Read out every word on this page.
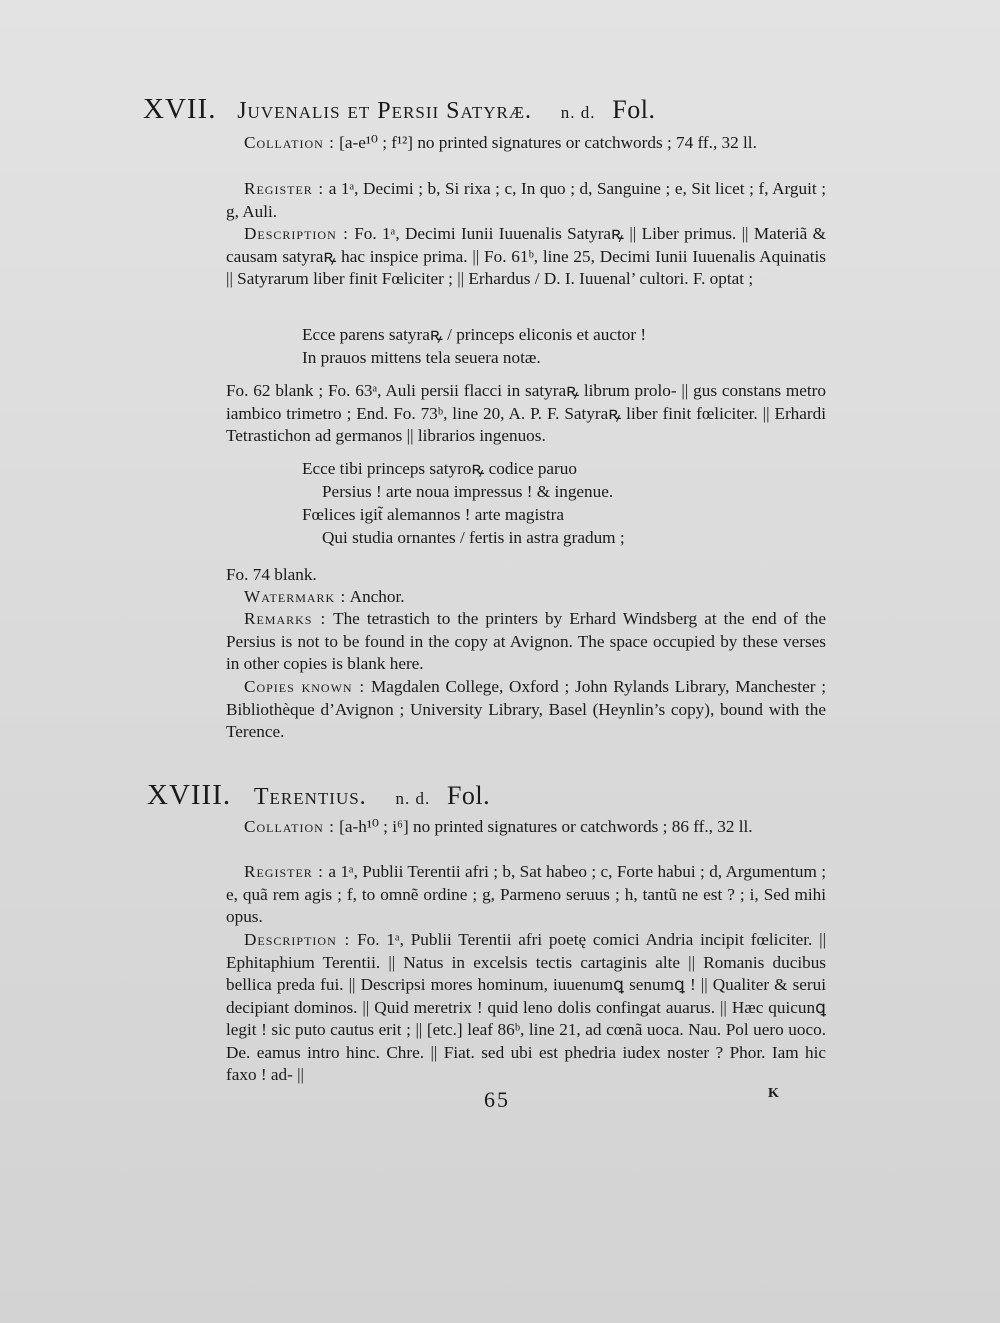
XVII. Juvenalis et Persii Satyræ. n. d. Fol.

Collation : [a-e¹⁰ ; f¹²] no printed signatures or catchwords ; 74 ff., 32 ll.

Register : a 1ᵃ, Decimi ; b, Si rixa ; c, In quo ; d, Sanguine ; e, Sit licet ; f, Arguit ; g, Auli.

Description : Fo. 1ᵃ, Decimi Iunii Iuuenalis Satyraꝶ || Liber primus. || Materiã & causam satyraꝶ hac inspice prima. || Fo. 61ᵇ, line 25, Decimi Iunii Iuuenalis Aquinatis || Satyrarum liber finit Fœliciter ; || Erhardus / D. I. Iuuenal’ cultori. F. optat ;

Ecce parens satyraꝶ / princeps eliconis et auctor !
In prauos mittens tela seuera notæ.

Fo. 62 blank ; Fo. 63ᵃ, Auli persii flacci in satyraꝶ librum prolo- || gus constans metro iambico trimetro ; End. Fo. 73ᵇ, line 20, A. P. F. Satyraꝶ liber finit fœliciter. || Erhardi Tetrastichon ad germanos || librarios ingenuos.

Ecce tibi princeps satyroꝶ codice paruo
Persius ! arte noua impressus ! & ingenue.
Fœlices igit̃ alemannos ! arte magistra
Qui studia ornantes / fertis in astra gradum ;

Fo. 74 blank.

Watermark : Anchor.

Remarks : The tetrastich to the printers by Erhard Windsberg at the end of the Persius is not to be found in the copy at Avignon. The space occupied by these verses in other copies is blank here.

Copies known : Magdalen College, Oxford ; John Rylands Library, Manchester ; Bibliothèque d’Avignon ; University Library, Basel (Heynlin’s copy), bound with the Terence.

XVIII. Terentius. n. d. Fol.

Collation : [a-h¹⁰ ; i⁶] no printed signatures or catchwords ; 86 ff., 32 ll.

Register : a 1ᵃ, Publii Terentii afri ; b, Sat habeo ; c, Forte habui ; d, Argumentum ; e, quã rem agis ; f, to omnẽ ordine ; g, Parmeno seruus ; h, tantũ ne est ? ; i, Sed mihi opus.

Description : Fo. 1ᵃ, Publii Terentii afri poetę comici Andria incipit fœliciter. || Ephitaphium Terentii. || Natus in excelsis tectis cartaginis alte || Romanis ducibus bellica preda fui. || Descripsi mores hominum, iuuenumꝗ senumꝗ ! || Qualiter & serui decipiant dominos. || Quid meretrix ! quid leno dolis confingat auarus. || Hæc quicunꝗ legit ! sic puto cautus erit ; || [etc.] leaf 86ᵇ, line 21, ad cœnã uoca. Nau. Pol uero uoco. De. eamus intro hinc. Chre. || Fiat. sed ubi est phedria iudex noster ? Phor. Iam hic faxo ! ad- ||

65	K
